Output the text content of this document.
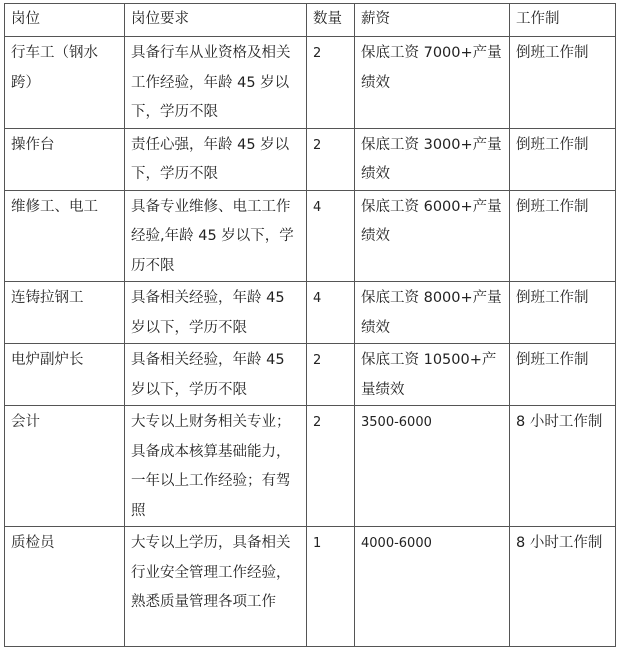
岗位	岗位要求	数量	薪资	工作制
行车工（钢水跨）	具备行车从业资格及相关工作经验，年龄 45 岁以下，学历不限	2	保底工资 7000+产量绩效	倒班工作制
操作台	责任心强，年龄 45 岁以下，学历不限	2	保底工资 3000+产量绩效	倒班工作制
维修工、电工	具备专业维修、电工工作经验,年龄 45 岁以下，学历不限	4	保底工资 6000+产量绩效	倒班工作制
连铸拉钢工	具备相关经验，年龄 45 岁以下，学历不限	4	保底工资 8000+产量绩效	倒班工作制
电炉副炉长	具备相关经验，年龄 45 岁以下，学历不限	2	保底工资 10500+产量绩效	倒班工作制
会计	大专以上财务相关专业；具备成本核算基础能力，一年以上工作经验；有驾照	2	3500-6000	8 小时工作制
质检员	大专以上学历，具备相关行业安全管理工作经验，熟悉质量管理各项工作	1	4000-6000	8 小时工作制
